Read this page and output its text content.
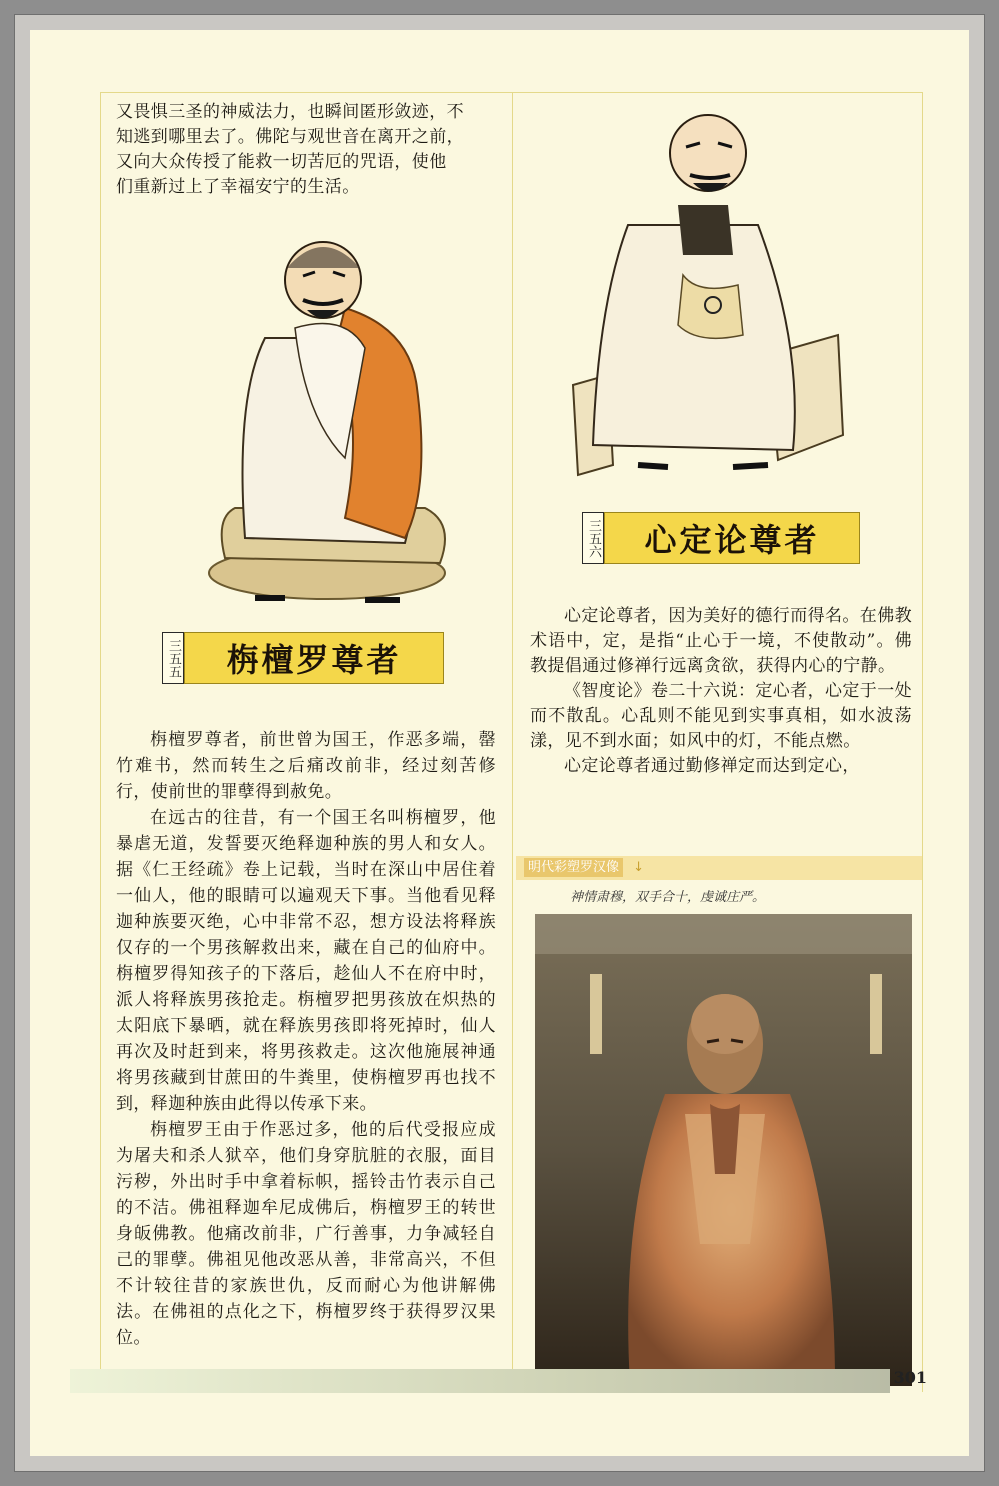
又畏惧三圣的神威法力，也瞬间匿形敛迹，不
知逃到哪里去了。佛陀与观世音在离开之前，
又向大众传授了能救一切苦厄的咒语，使他
们重新过上了幸福安宁的生活。
三五五	栴檀罗尊者

栴檀罗尊者，前世曾为国王，作恶多端，罄竹难书，然而转生之后痛改前非，经过刻苦修行，使前世的罪孽得到赦免。

在远古的往昔，有一个国王名叫栴檀罗，他暴虐无道，发誓要灭绝释迦种族的男人和女人。据《仁王经疏》卷上记载，当时在深山中居住着一仙人，他的眼睛可以遍观天下事。当他看见释迦种族要灭绝，心中非常不忍，想方设法将释族仅存的一个男孩解救出来，藏在自己的仙府中。栴檀罗得知孩子的下落后，趁仙人不在府中时，派人将释族男孩抢走。栴檀罗把男孩放在炽热的太阳底下暴晒，就在释族男孩即将死掉时，仙人再次及时赶到来，将男孩救走。这次他施展神通将男孩藏到甘蔗田的牛粪里，使栴檀罗再也找不到，释迦种族由此得以传承下来。

栴檀罗王由于作恶过多，他的后代受报应成为屠夫和杀人狱卒，他们身穿肮脏的衣服，面目污秽，外出时手中拿着标帜，摇铃击竹表示自己的不洁。佛祖释迦牟尼成佛后，栴檀罗王的转世身皈佛教。他痛改前非，广行善事，力争减轻自己的罪孽。佛祖见他改恶从善，非常高兴，不但不计较往昔的家族世仇，反而耐心为他讲解佛法。在佛祖的点化之下，栴檀罗终于获得罗汉果位。

三五六	心定论尊者

心定论尊者，因为美好的德行而得名。在佛教术语中，定，是指“止心于一境，不使散动”。佛教提倡通过修禅行远离贪欲，获得内心的宁静。

《智度论》卷二十六说：定心者，心定于一处而不散乱。心乱则不能见到实事真相，如水波荡漾，见不到水面；如风中的灯，不能点燃。

心定论尊者通过勤修禅定而达到定心，

明代彩塑罗汉像 ↓
神情肃穆，双手合十，虔诚庄严。
301
